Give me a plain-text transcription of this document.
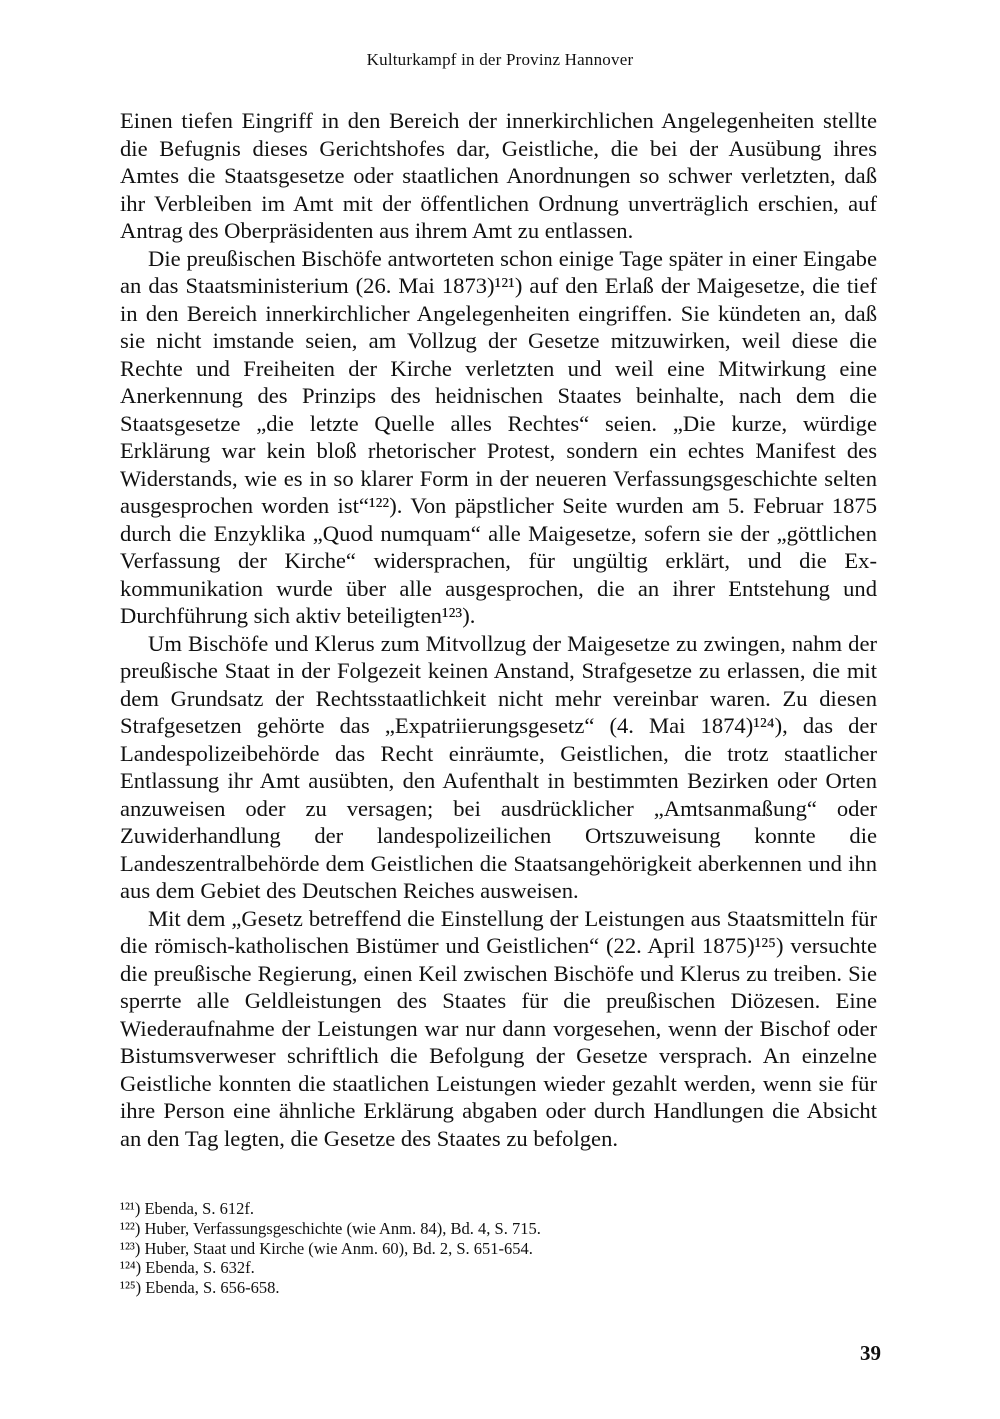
Kulturkampf in der Provinz Hannover

Einen tiefen Eingriff in den Bereich der innerkirchlichen Angelegenheiten stellte die Befugnis dieses Gerichtshofes dar, Geistliche, die bei der Ausübung ihres Amtes die Staatsgesetze oder staatlichen Anordnungen so schwer verletzten, daß ihr Verbleiben im Amt mit der öffentlichen Ordnung unverträglich erschien, auf Antrag des Oberpräsidenten aus ihrem Amt zu entlassen.

Die preußischen Bischöfe antworteten schon einige Tage später in einer Eingabe an das Staatsministerium (26. Mai 1873)¹²¹) auf den Erlaß der Maigesetze, die tief in den Bereich innerkirchlicher Angelegenheiten eingriffen. Sie kündeten an, daß sie nicht imstande seien, am Vollzug der Gesetze mitzuwirken, weil diese die Rechte und Freiheiten der Kirche verletzten und weil eine Mitwirkung eine Anerkennung des Prinzips des heidnischen Staates beinhalte, nach dem die Staatsgesetze „die letzte Quelle alles Rechtes“ seien. „Die kurze, würdige Erklärung war kein bloß rhetorischer Protest, sondern ein echtes Manifest des Widerstands, wie es in so klarer Form in der neueren Verfassungsgeschichte selten ausgesprochen worden ist“¹²²). Von päpstlicher Seite wurden am 5. Februar 1875 durch die Enzyklika „Quod numquam“ alle Maigesetze, sofern sie der „göttlichen Verfassung der Kirche“ widersprachen, für ungültig erklärt, und die Exkommunikation wurde über alle ausgesprochen, die an ihrer Entstehung und Durchführung sich aktiv beteiligten¹²³).

Um Bischöfe und Klerus zum Mitvollzug der Maigesetze zu zwingen, nahm der preußische Staat in der Folgezeit keinen Anstand, Strafgesetze zu erlassen, die mit dem Grundsatz der Rechtsstaatlichkeit nicht mehr vereinbar waren. Zu diesen Strafgesetzen gehörte das „Expatriierungsgesetz“ (4. Mai 1874)¹²⁴), das der Landespolizeibehörde das Recht einräumte, Geistlichen, die trotz staatlicher Entlassung ihr Amt ausübten, den Aufenthalt in bestimmten Bezirken oder Orten anzuweisen oder zu versagen; bei ausdrücklicher „Amtsanmaßung“ oder Zuwiderhandlung der landespolizeilichen Ortszuweisung konnte die Landeszentralbehörde dem Geistlichen die Staatsangehörigkeit aberkennen und ihn aus dem Gebiet des Deutschen Reiches ausweisen.

Mit dem „Gesetz betreffend die Einstellung der Leistungen aus Staatsmitteln für die römisch-katholischen Bistümer und Geistlichen“ (22. April 1875)¹²⁵) versuchte die preußische Regierung, einen Keil zwischen Bischöfe und Klerus zu treiben. Sie sperrte alle Geldleistungen des Staates für die preußischen Diözesen. Eine Wiederaufnahme der Leistungen war nur dann vorgesehen, wenn der Bischof oder Bistumsverweser schriftlich die Befolgung der Gesetze versprach. An einzelne Geistliche konnten die staatlichen Leistungen wieder gezahlt werden, wenn sie für ihre Person eine ähnliche Erklärung abgaben oder durch Handlungen die Absicht an den Tag legten, die Gesetze des Staates zu befolgen.

¹²¹) Ebenda, S. 612f.

¹²²) Huber, Verfassungsgeschichte (wie Anm. 84), Bd. 4, S. 715.

¹²³) Huber, Staat und Kirche (wie Anm. 60), Bd. 2, S. 651-654.

¹²⁴) Ebenda, S. 632f.

¹²⁵) Ebenda, S. 656-658.

39
